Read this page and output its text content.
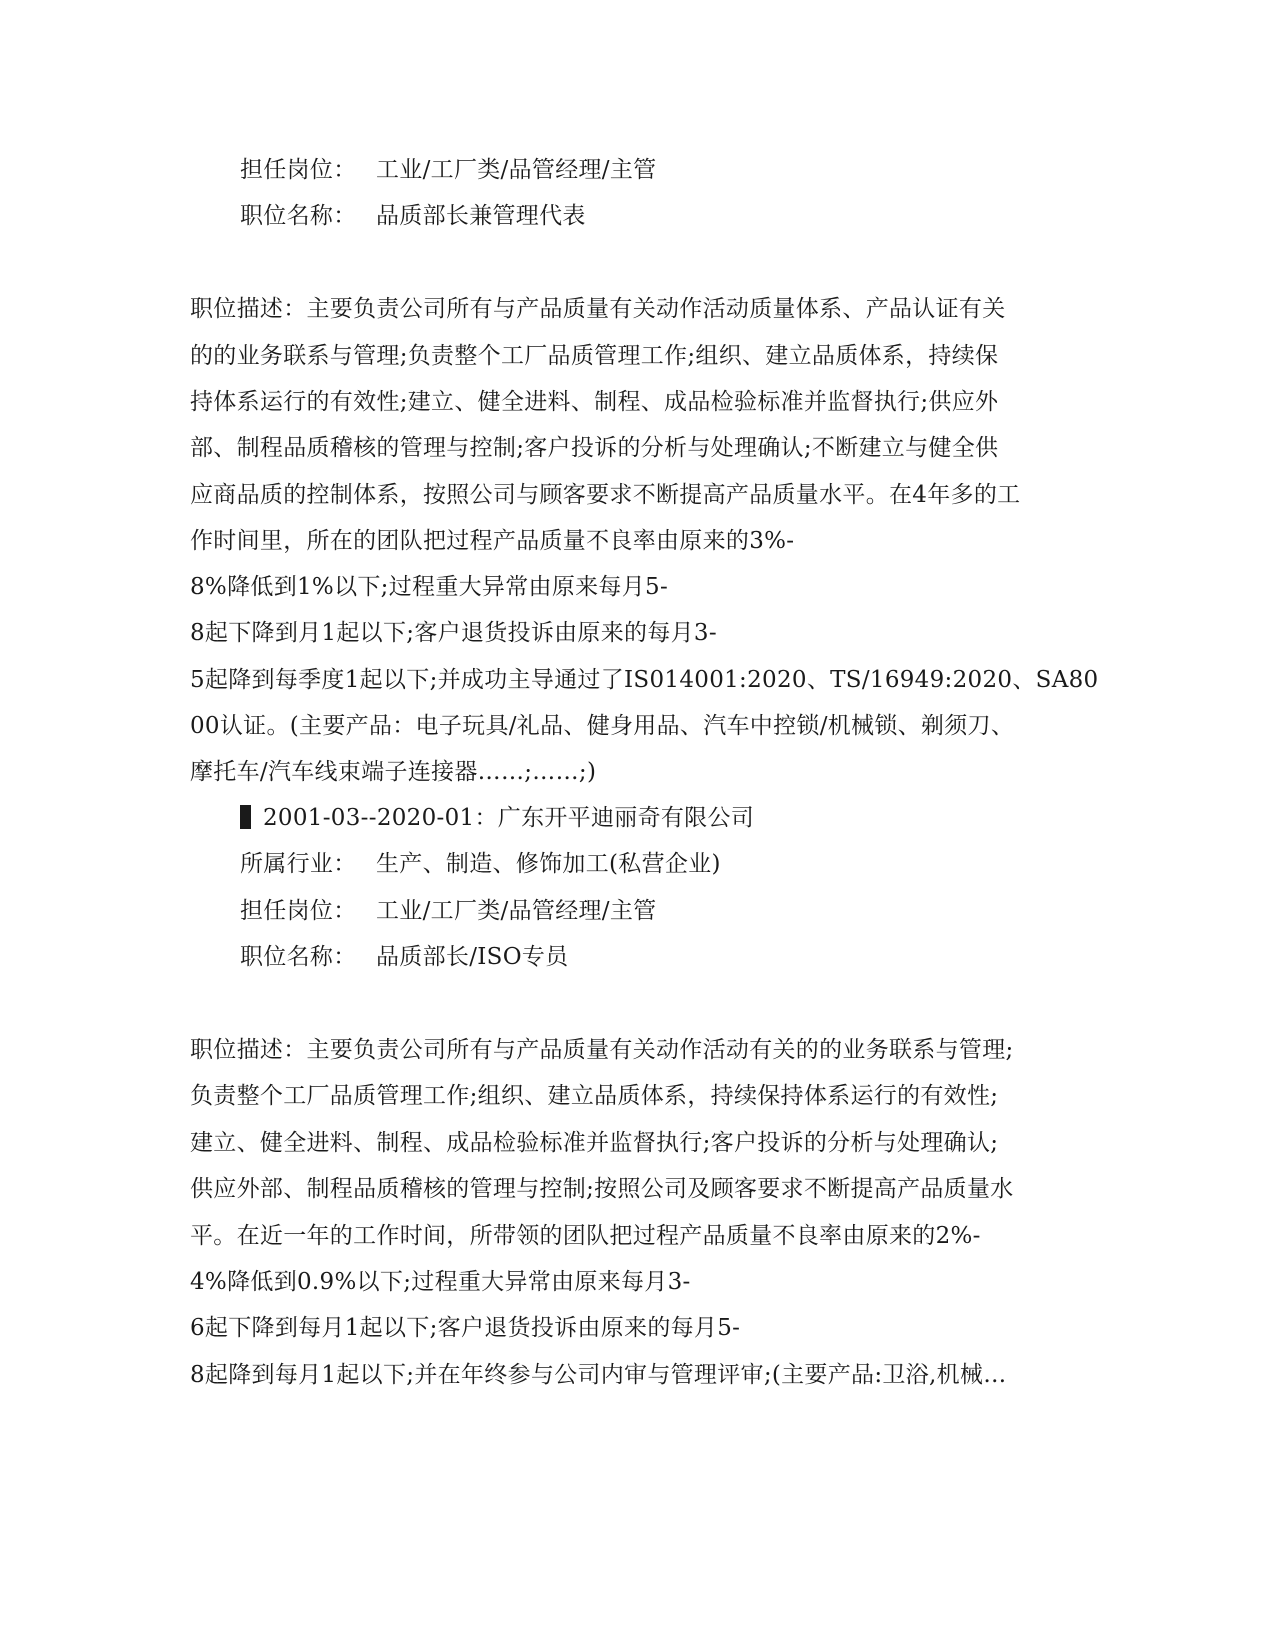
担任岗位： 工业/工厂类/品管经理/主管
职位名称： 品质部长兼管理代表
职位描述：主要负责公司所有与产品质量有关动作活动质量体系、产品认证有关
的的业务联系与管理;负责整个工厂品质管理工作;组织、建立品质体系，持续保
持体系运行的有效性;建立、健全进料、制程、成品检验标准并监督执行;供应外
部、制程品质稽核的管理与控制;客户投诉的分析与处理确认;不断建立与健全供
应商品质的控制体系，按照公司与顾客要求不断提高产品质量水平。在4年多的工
作时间里，所在的团队把过程产品质量不良率由原来的3%-
8%降低到1%以下;过程重大异常由原来每月5-
8起下降到月1起以下;客户退货投诉由原来的每月3-
5起降到每季度1起以下;并成功主导通过了IS014001:2020、TS/16949:2020、SA80
00认证。(主要产品：电子玩具/礼品、健身用品、汽车中控锁/机械锁、剃须刀、
摩托车/汽车线束端子连接器……;……;)
2001-03--2020-01：广东开平迪丽奇有限公司
所属行业： 生产、制造、修饰加工(私营企业)
担任岗位： 工业/工厂类/品管经理/主管
职位名称： 品质部长/ISO专员
职位描述：主要负责公司所有与产品质量有关动作活动有关的的业务联系与管理;
负责整个工厂品质管理工作;组织、建立品质体系，持续保持体系运行的有效性;
建立、健全进料、制程、成品检验标准并监督执行;客户投诉的分析与处理确认;
供应外部、制程品质稽核的管理与控制;按照公司及顾客要求不断提高产品质量水
平。在近一年的工作时间，所带领的团队把过程产品质量不良率由原来的2%-
4%降低到0.9%以下;过程重大异常由原来每月3-
6起下降到每月1起以下;客户退货投诉由原来的每月5-
8起降到每月1起以下;并在年终参与公司内审与管理评审;(主要产品:卫浴,机械…
